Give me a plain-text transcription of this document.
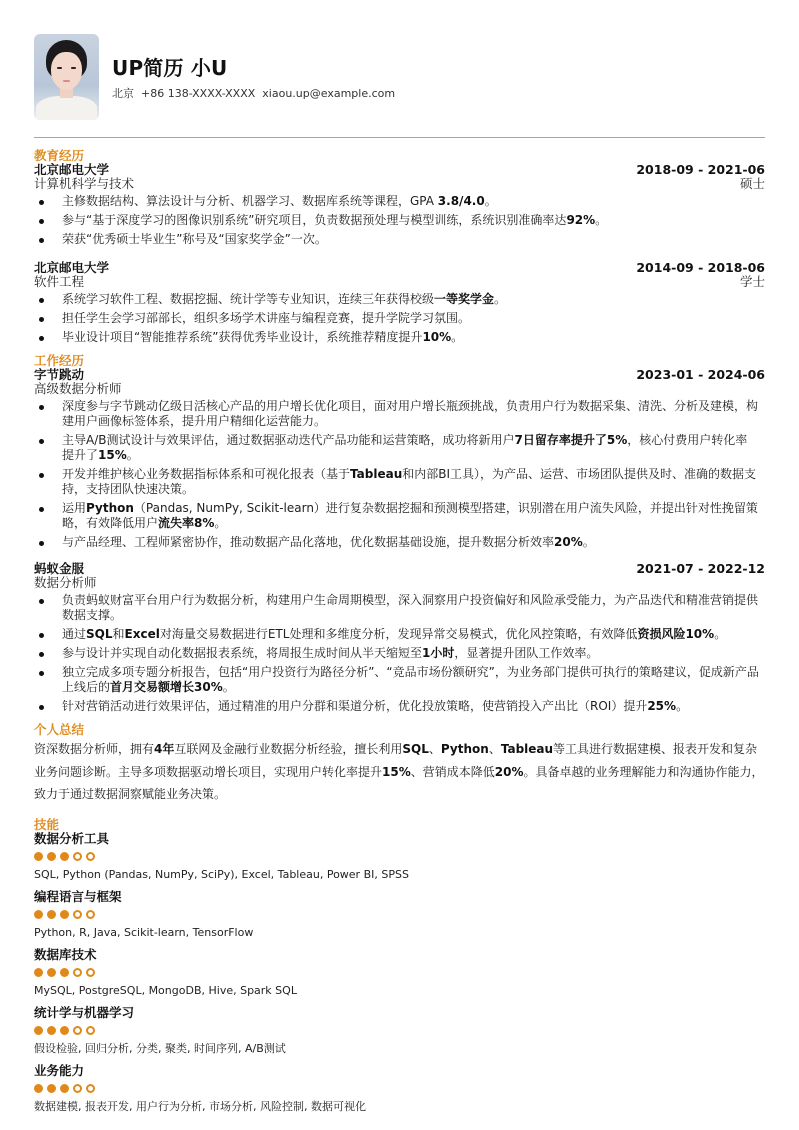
UP简历 小U
北京 +86 138-XXXX-XXXX xiaou.up@example.com
教育经历
北京邮电大学
计算机科学与技术
2018-09 - 2021-06
硕士
主修数据结构、算法设计与分析、机器学习、数据库系统等课程，GPA 3.8/4.0。
参与“基于深度学习的图像识别系统”研究项目，负责数据预处理与模型训练，系统识别准确率达92%。
荣获“优秀硕士毕业生”称号及“国家奖学金”一次。
北京邮电大学
软件工程
2014-09 - 2018-06
学士
系统学习软件工程、数据挖掘、统计学等专业知识，连续三年获得校级一等奖学金。
担任学生会学习部部长，组织多场学术讲座与编程竞赛，提升学院学习氛围。
毕业设计项目“智能推荐系统”获得优秀毕业设计，系统推荐精度提升10%。
工作经历
字节跳动
高级数据分析师
2023-01 - 2024-06
深度参与字节跳动亿级日活核心产品的用户增长优化项目，面对用户增长瓶颈挑战，负责用户行为数据采集、清洗、分析及建模，构建用户画像标签体系，提升用户精细化运营能力。
主导A/B测试设计与效果评估，通过数据驱动迭代产品功能和运营策略，成功将新用户7日留存率提升了5%，核心付费用户转化率提升了15%。
开发并维护核心业务数据指标体系和可视化报表（基于Tableau和内部BI工具），为产品、运营、市场团队提供及时、准确的数据支持，支持团队快速决策。
运用Python（Pandas, NumPy, Scikit-learn）进行复杂数据挖掘和预测模型搭建，识别潜在用户流失风险，并提出针对性挽留策略，有效降低用户流失率8%。
与产品经理、工程师紧密协作，推动数据产品化落地，优化数据基础设施，提升数据分析效率20%。
蚂蚁金服
数据分析师
2021-07 - 2022-12
负责蚂蚁财富平台用户行为数据分析，构建用户生命周期模型，深入洞察用户投资偏好和风险承受能力，为产品迭代和精准营销提供数据支撑。
通过SQL和Excel对海量交易数据进行ETL处理和多维度分析，发现异常交易模式，优化风控策略，有效降低资损风险10%。
参与设计并实现自动化数据报表系统，将周报生成时间从半天缩短至1小时，显著提升团队工作效率。
独立完成多项专题分析报告，包括“用户投资行为路径分析”、“竞品市场份额研究”，为业务部门提供可执行的策略建议，促成新产品上线后的首月交易额增长30%。
针对营销活动进行效果评估，通过精准的用户分群和渠道分析，优化投放策略，使营销投入产出比（ROI）提升25%。
个人总结
资深数据分析师，拥有4年互联网及金融行业数据分析经验，擅长利用SQL、Python、Tableau等工具进行数据建模、报表开发和复杂业务问题诊断。主导多项数据驱动增长项目，实现用户转化率提升15%、营销成本降低20%。具备卓越的业务理解能力和沟通协作能力，致力于通过数据洞察赋能业务决策。
技能
数据分析工具
SQL, Python (Pandas, NumPy, SciPy), Excel, Tableau, Power BI, SPSS
编程语言与框架
Python, R, Java, Scikit-learn, TensorFlow
数据库技术
MySQL, PostgreSQL, MongoDB, Hive, Spark SQL
统计学与机器学习
假设检验, 回归分析, 分类, 聚类, 时间序列, A/B测试
业务能力
数据建模, 报表开发, 用户行为分析, 市场分析, 风险控制, 数据可视化
